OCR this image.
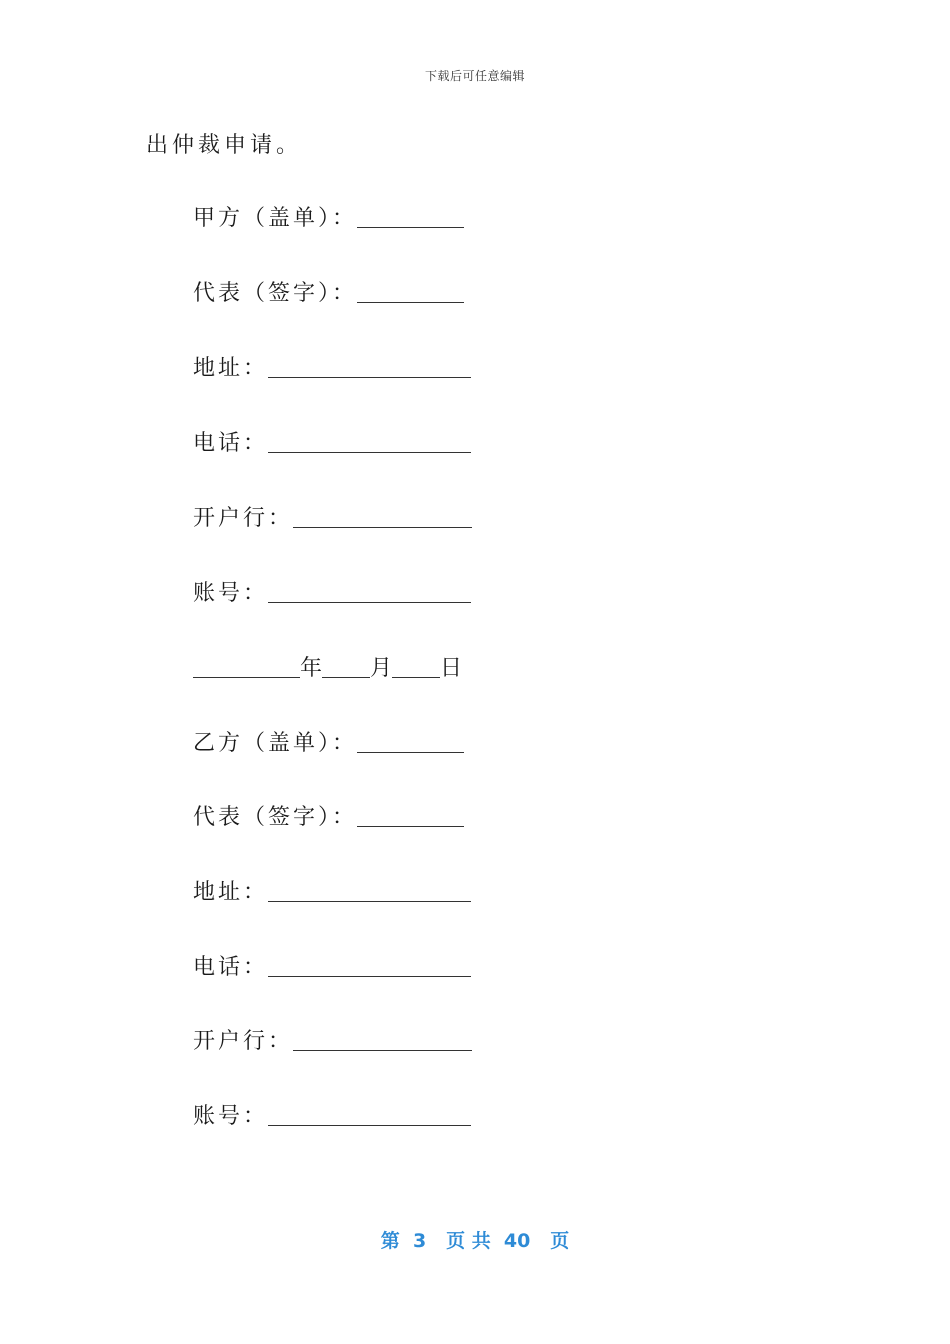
下载后可任意编辑
出仲裁申请。
甲方（盖单）：
代表（签字）：
地址：
电话：
开户行：
账号：
年 月 日
乙方（盖单）：
代表（签字）：
地址：
电话：
开户行：
账号：
第  3   页 共  40   页
